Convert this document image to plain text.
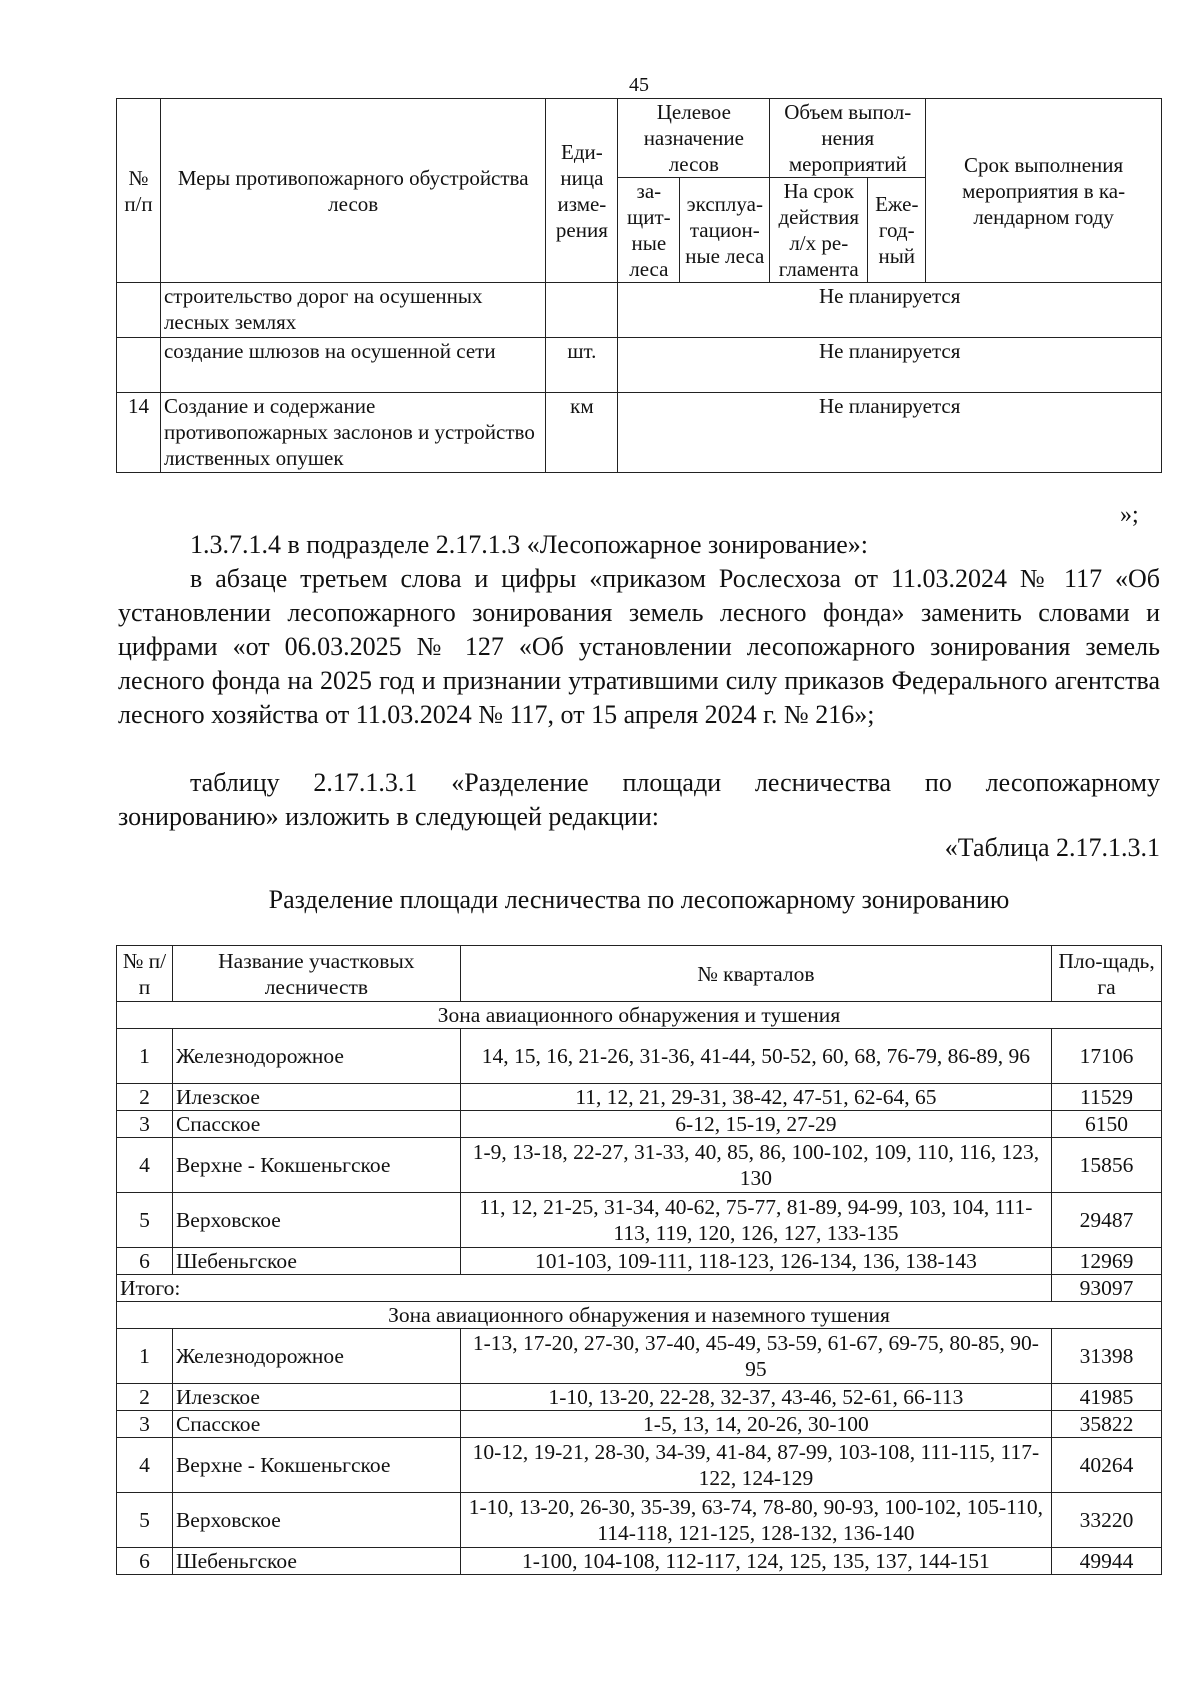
45
№ п/п	Меры противопожарного обустройства лесов	Еди-ница изме-рения	Целевое назначение лесов		Объем выпол-нения мероприятий		Срок выполнения мероприятия в ка-лендарном году
			за-щит-ные леса	эксплуа-тацион-ные леса	На срок действия л/х ре-гламента	Еже-год-ный	
	строительство дорог на осушенных лесных землях		Не планируется				
	создание шлюзов на осушенной сети	шт.	Не планируется				
14	Создание и содержание противопожарных заслонов и устройство лиственных опушек	км	Не планируется				
»;
1.3.7.1.4 в подразделе 2.17.1.3 «Лесопожарное зонирование»:
в абзаце третьем слова и цифры «приказом Рослесхоза от 11.03.2024 № 117 «Об установлении лесопожарного зонирования земель лесного фонда» заменить словами и цифрами «от 06.03.2025 № 127 «Об установлении лесопожарного зонирования земель лесного фонда на 2025 год и признании утратившими силу приказов Федерального агентства лесного хозяйства от 11.03.2024 № 117, от 15 апреля 2024 г. № 216»;
таблицу 2.17.1.3.1 «Разделение площади лесничества по лесопожарному зонированию» изложить в следующей редакции:
«Таблица 2.17.1.3.1
Разделение площади лесничества по лесопожарному зонированию
№ п/п	Название участковых лесничеств	№ кварталов	Пло-щадь, га
Зона авиационного обнаружения и тушения			
1	Железнодорожное	14, 15, 16, 21-26, 31-36, 41-44, 50-52, 60, 68, 76-79, 86-89, 96	17106
2	Илезское	11, 12, 21, 29-31, 38-42, 47-51, 62-64, 65	11529
3	Спасское	6-12, 15-19, 27-29	6150
4	Верхне - Кокшеньгское	1-9, 13-18, 22-27, 31-33, 40, 85, 86, 100-102, 109, 110, 116, 123, 130	15856
5	Верховское	11, 12, 21-25, 31-34, 40-62, 75-77, 81-89, 94-99, 103, 104, 111-113, 119, 120, 126, 127, 133-135	29487
6	Шебеньгское	101-103, 109-111, 118-123, 126-134, 136, 138-143	12969
Итого:			93097
Зона авиационного обнаружения и наземного тушения			
1	Железнодорожное	1-13, 17-20, 27-30, 37-40, 45-49, 53-59, 61-67, 69-75, 80-85, 90-95	31398
2	Илезское	1-10, 13-20, 22-28, 32-37, 43-46, 52-61, 66-113	41985
3	Спасское	1-5, 13, 14, 20-26, 30-100	35822
4	Верхне - Кокшеньгское	10-12, 19-21, 28-30, 34-39, 41-84, 87-99, 103-108, 111-115, 117-122, 124-129	40264
5	Верховское	1-10, 13-20, 26-30, 35-39, 63-74, 78-80, 90-93, 100-102, 105-110, 114-118, 121-125, 128-132, 136-140	33220
6	Шебеньгское	1-100, 104-108, 112-117, 124, 125, 135, 137, 144-151	49944
